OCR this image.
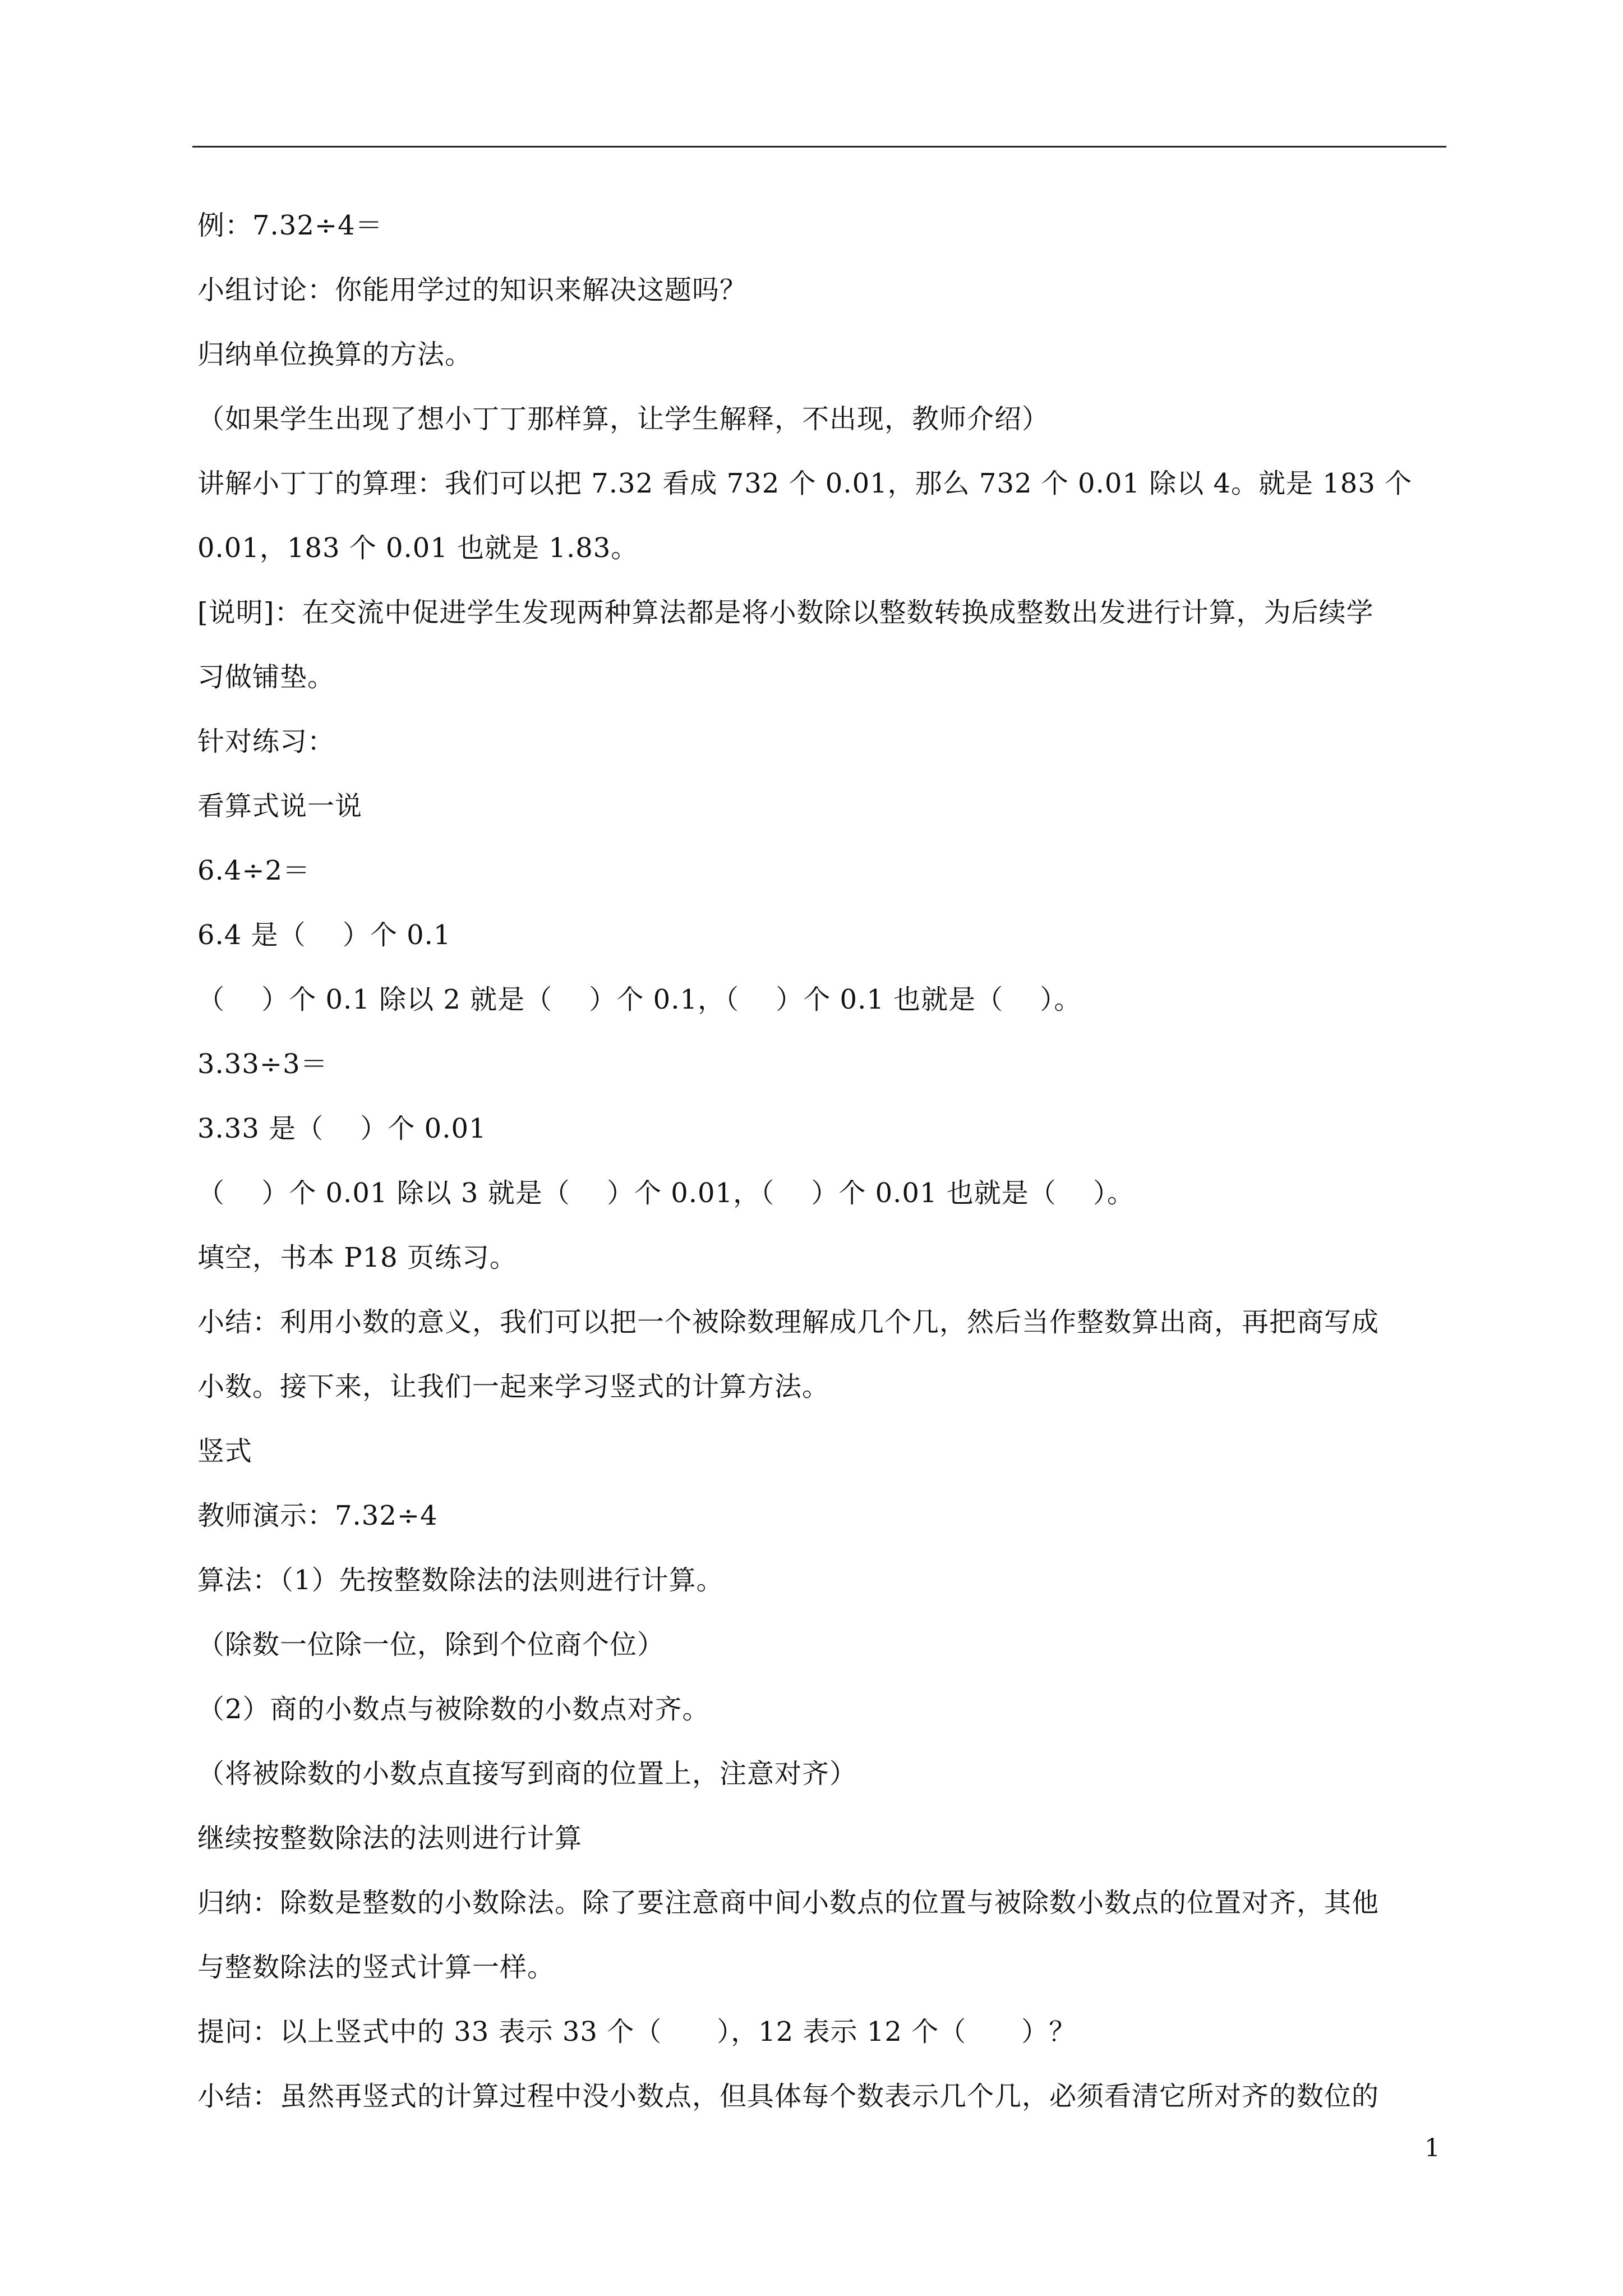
例：7.32÷4＝
小组讨论：你能用学过的知识来解决这题吗？
归纳单位换算的方法。
（如果学生出现了想小丁丁那样算，让学生解释，不出现，教师介绍）
讲解小丁丁的算理：我们可以把 7.32 看成 732 个 0.01，那么 732 个 0.01 除以 4。就是 183 个
0.01，183 个 0.01 也就是 1.83。
[说明]：在交流中促进学生发现两种算法都是将小数除以整数转换成整数出发进行计算，为后续学
习做铺垫。
针对练习：
看算式说一说
6.4÷2＝
6.4 是（　 ）个 0.1
（　 ）个 0.1 除以 2 就是（　 ）个 0.1，（　 ）个 0.1 也就是（　 ）。
3.33÷3＝
3.33 是（　 ）个 0.01
（　 ）个 0.01 除以 3 就是（　 ）个 0.01，（　 ）个 0.01 也就是（　 ）。
填空，书本 P18 页练习。
小结：利用小数的意义，我们可以把一个被除数理解成几个几，然后当作整数算出商，再把商写成
小数。接下来，让我们一起来学习竖式的计算方法。
竖式
教师演示：7.32÷4
算法：（1）先按整数除法的法则进行计算。
（除数一位除一位，除到个位商个位）
（2）商的小数点与被除数的小数点对齐。
（将被除数的小数点直接写到商的位置上，注意对齐）
继续按整数除法的法则进行计算
归纳：除数是整数的小数除法。除了要注意商中间小数点的位置与被除数小数点的位置对齐，其他
与整数除法的竖式计算一样。
提问：以上竖式中的 33 表示 33 个（　　），12 表示 12 个（　　）？
小结：虽然再竖式的计算过程中没小数点，但具体每个数表示几个几，必须看清它所对齐的数位的
1
